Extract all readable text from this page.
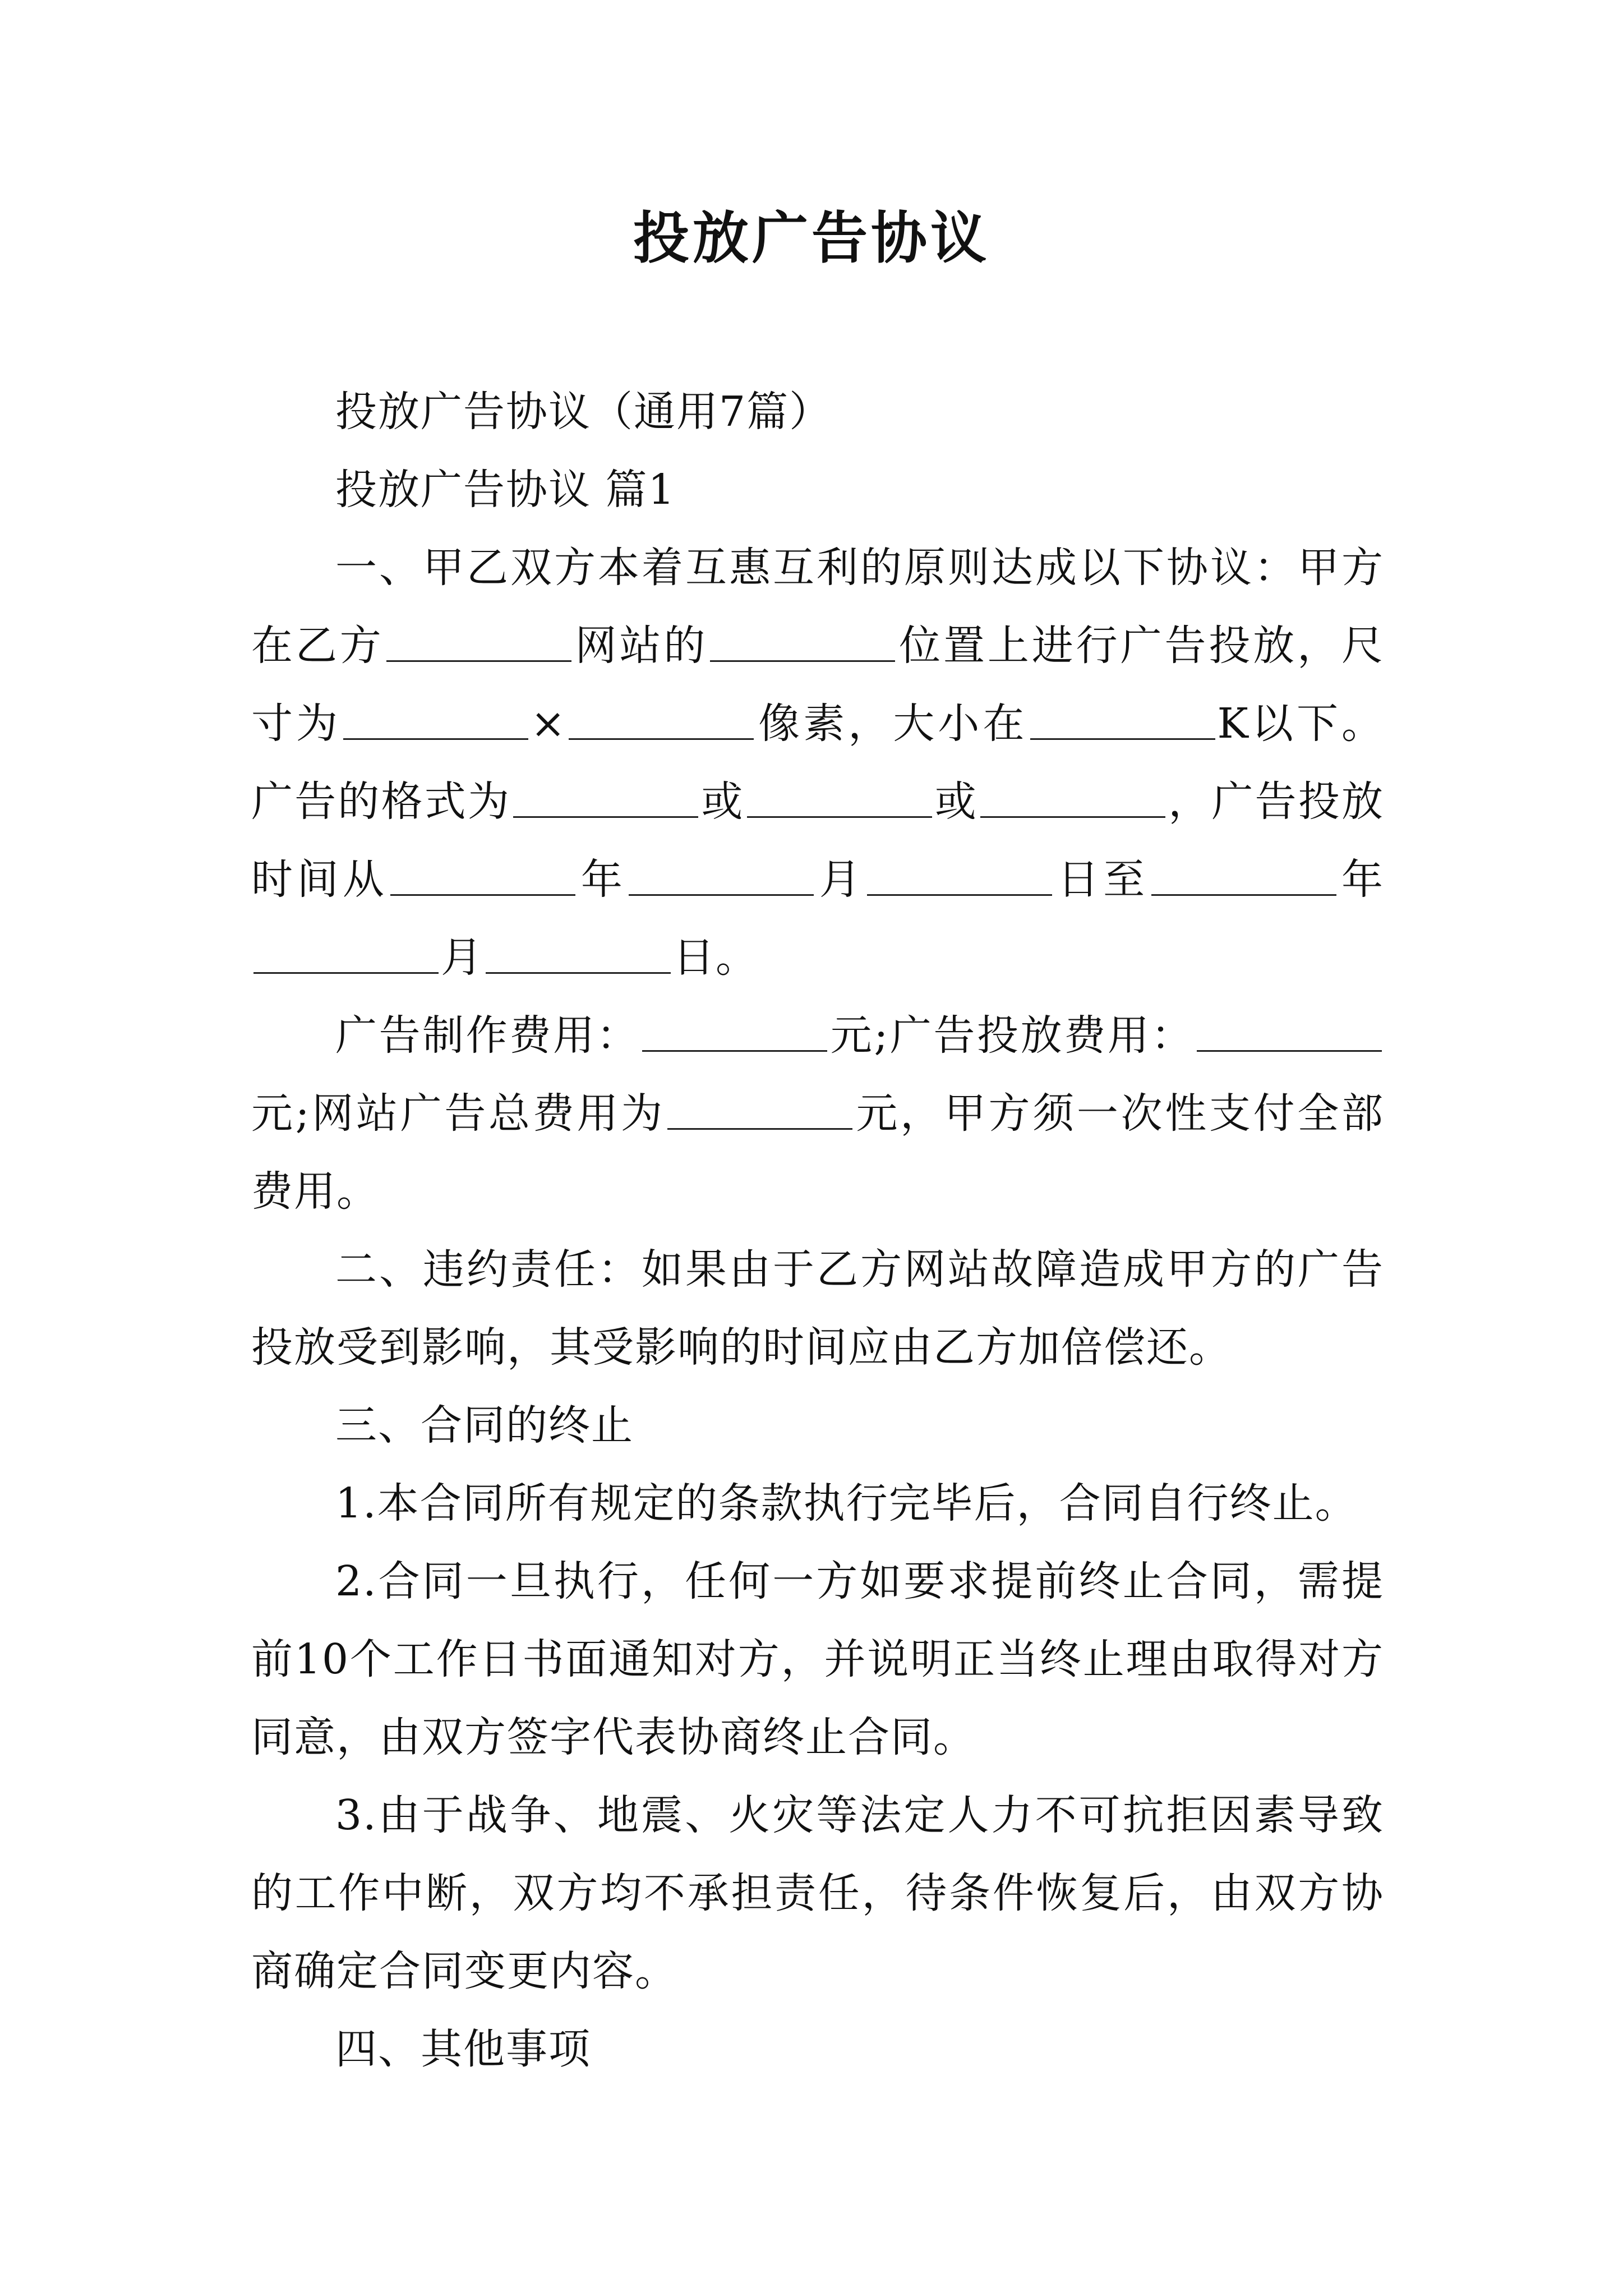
投放广告协议

投放广告协议（通用7篇）

投放广告协议 篇1

一、甲乙双方本着互惠互利的原则达成以下协议：甲方在乙方	网站的	位置上进行广告投放，尺寸为	×	像素，大小在	K以下。广告的格式为	或	或	，广告投放时间从	年	月	日至	年月	日。

广告制作费用：	元;广告投放费用：元;网站广告总费用为	元，甲方须一次性支付全部费用。

二、违约责任：如果由于乙方网站故障造成甲方的广告投放受到影响，其受影响的时间应由乙方加倍偿还。

三、合同的终止

1.本合同所有规定的条款执行完毕后，合同自行终止。

2.合同一旦执行，任何一方如要求提前终止合同，需提前10个工作日书面通知对方，并说明正当终止理由取得对方同意，由双方签字代表协商终止合同。

3.由于战争、地震、火灾等法定人力不可抗拒因素导致的工作中断，双方均不承担责任，待条件恢复后，由双方协商确定合同变更内容。

四、其他事项
